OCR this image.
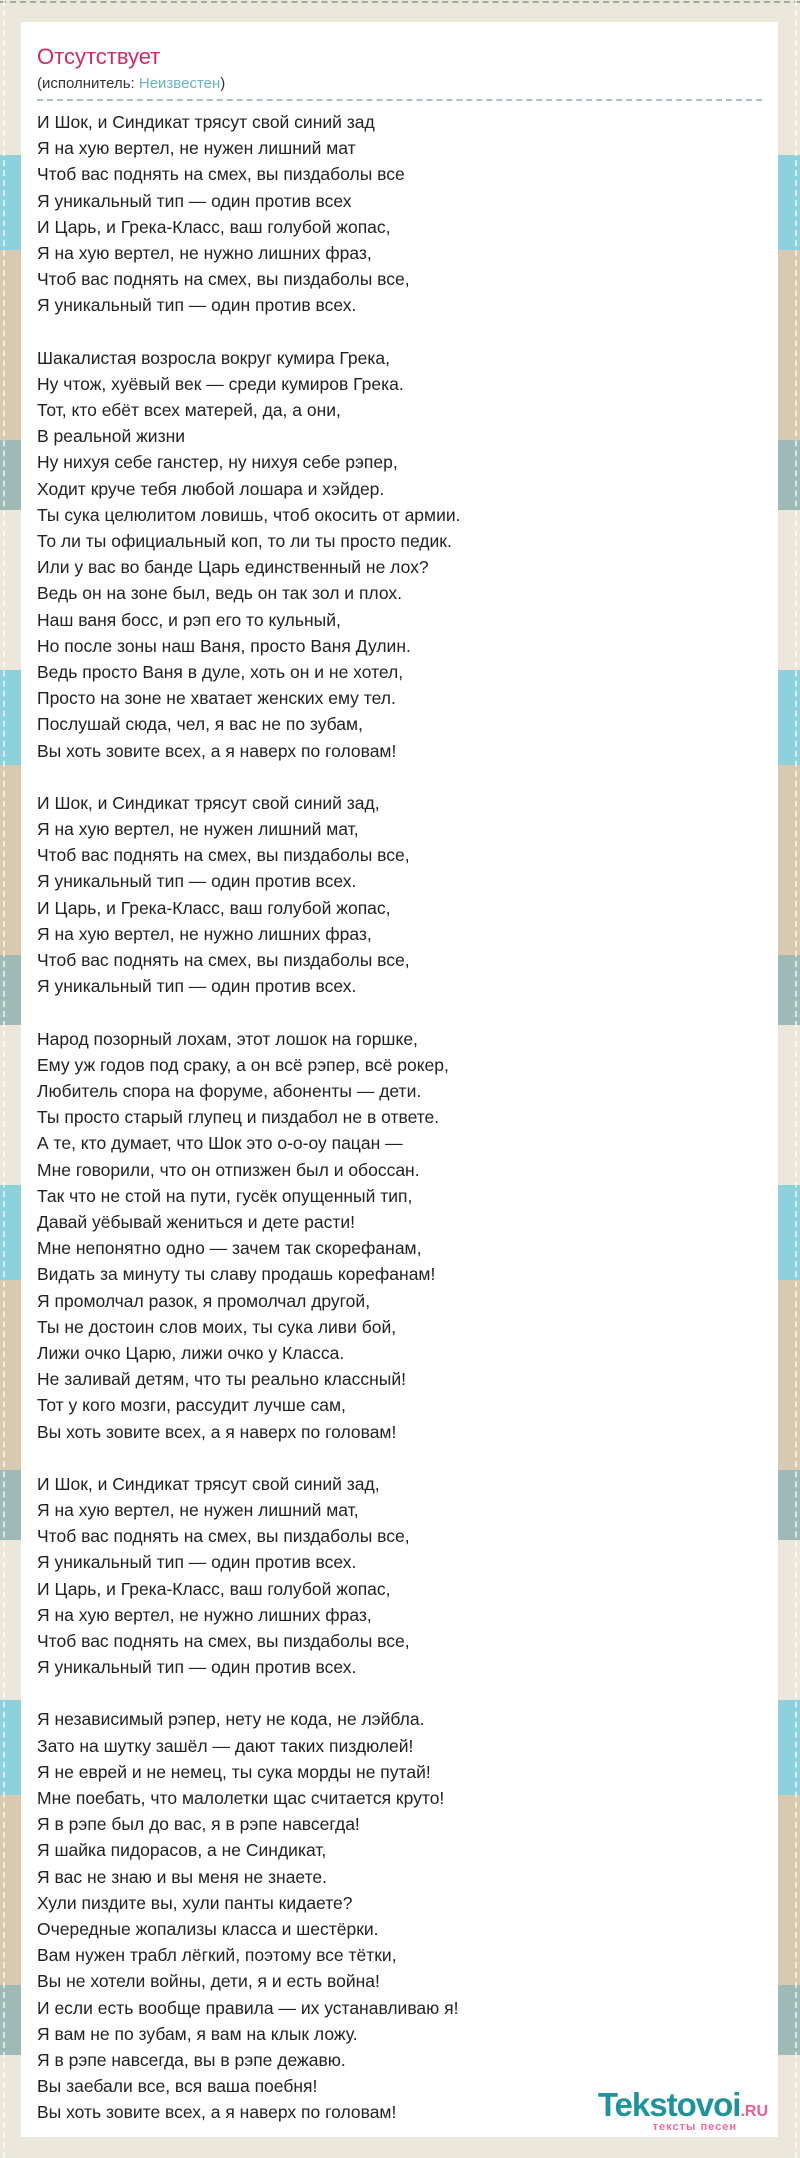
Отсутствует
(исполнитель: Неизвестен)

И Шок, и Синдикат трясут свой синий зад
Я на хую вертел, не нужен лишний мат
Чтоб вас поднять на смех, вы пиздаболы все
Я уникальный тип — один против всех
И Царь, и Грека-Класс, ваш голубой жопас,
Я на хую вертел, не нужно лишних фраз,
Чтоб вас поднять на смех, вы пиздаболы все,
Я уникальный тип — один против всех.

Шакалистая возросла вокруг кумира Грека,
Ну чтож, хуёвый век — среди кумиров Грека.
Тот, кто ебёт всех матерей, да, а они,
В реальной жизни
Ну нихуя себе ганстер, ну нихуя себе рэпер,
Ходит круче тебя любой лошара и хэйдер.
Ты сука целюлитом ловишь, чтоб окосить от армии.
То ли ты официальный коп, то ли ты просто педик.
Или у вас во банде Царь единственный не лох?
Ведь он на зоне был, ведь он так зол и плох.
Наш ваня босс, и рэп его то кульный,
Но после зоны наш Ваня, просто Ваня Дулин.
Ведь просто Ваня в дуле, хоть он и не хотел,
Просто на зоне не хватает женских ему тел.
Послушай сюда, чел, я вас не по зубам,
Вы хоть зовите всех, а я наверх по головам!

И Шок, и Синдикат трясут свой синий зад,
Я на хую вертел, не нужен лишний мат,
Чтоб вас поднять на смех, вы пиздаболы все,
Я уникальный тип — один против всех.
И Царь, и Грека-Класс, ваш голубой жопас,
Я на хую вертел, не нужно лишних фраз,
Чтоб вас поднять на смех, вы пиздаболы все,
Я уникальный тип — один против всех.

Народ позорный лохам, этот лошок на горшке,
Ему уж годов под сраку, а он всё рэпер, всё рокер,
Любитель спора на форуме, абоненты — дети.
Ты просто старый глупец и пиздабол не в ответе.
А те, кто думает, что Шок это о-о-оу пацан —
Мне говорили, что он отпизжен был и обоссан.
Так что не стой на пути, гусёк опущенный тип,
Давай уёбывай жениться и дете расти!
Мне непонятно одно — зачем так скорефанам,
Видать за минуту ты славу продашь корефанам!
Я промолчал разок, я промолчал другой,
Ты не достоин слов моих, ты сука ливи бой,
Лижи очко Царю, лижи очко у Класса.
Не заливай детям, что ты реально классный!
Тот у кого мозги, рассудит лучше сам,
Вы хоть зовите всех, а я наверх по головам!

И Шок, и Синдикат трясут свой синий зад,
Я на хую вертел, не нужен лишний мат,
Чтоб вас поднять на смех, вы пиздаболы все,
Я уникальный тип — один против всех.
И Царь, и Грека-Класс, ваш голубой жопас,
Я на хую вертел, не нужно лишних фраз,
Чтоб вас поднять на смех, вы пиздаболы все,
Я уникальный тип — один против всех.

Я независимый рэпер, нету не кода, не лэйбла.
Зато на шутку зашёл — дают таких пиздюлей!
Я не еврей и не немец, ты сука морды не путай!
Мне поебать, что малолетки щас считается круто!
Я в рэпе был до вас, я в рэпе навсегда!
Я шайка пидорасов, а не Синдикат,
Я вас не знаю и вы меня не знаете.
Хули пиздите вы, хули панты кидаете?
Очередные жопализы класса и шестёрки.
Вам нужен трабл лёгкий, поэтому все тётки,
Вы не хотели войны, дети, я и есть война!
И если есть вообще правила — их устанавливаю я!
Я вам не по зубам, я вам на клык ложу.
Я в рэпе навсегда, вы в рэпе дежавю.
Вы заебали все, вся ваша поебня!
Вы хоть зовите всех, а я наверх по головам!	Tekstovoi.RU
тексты песен
